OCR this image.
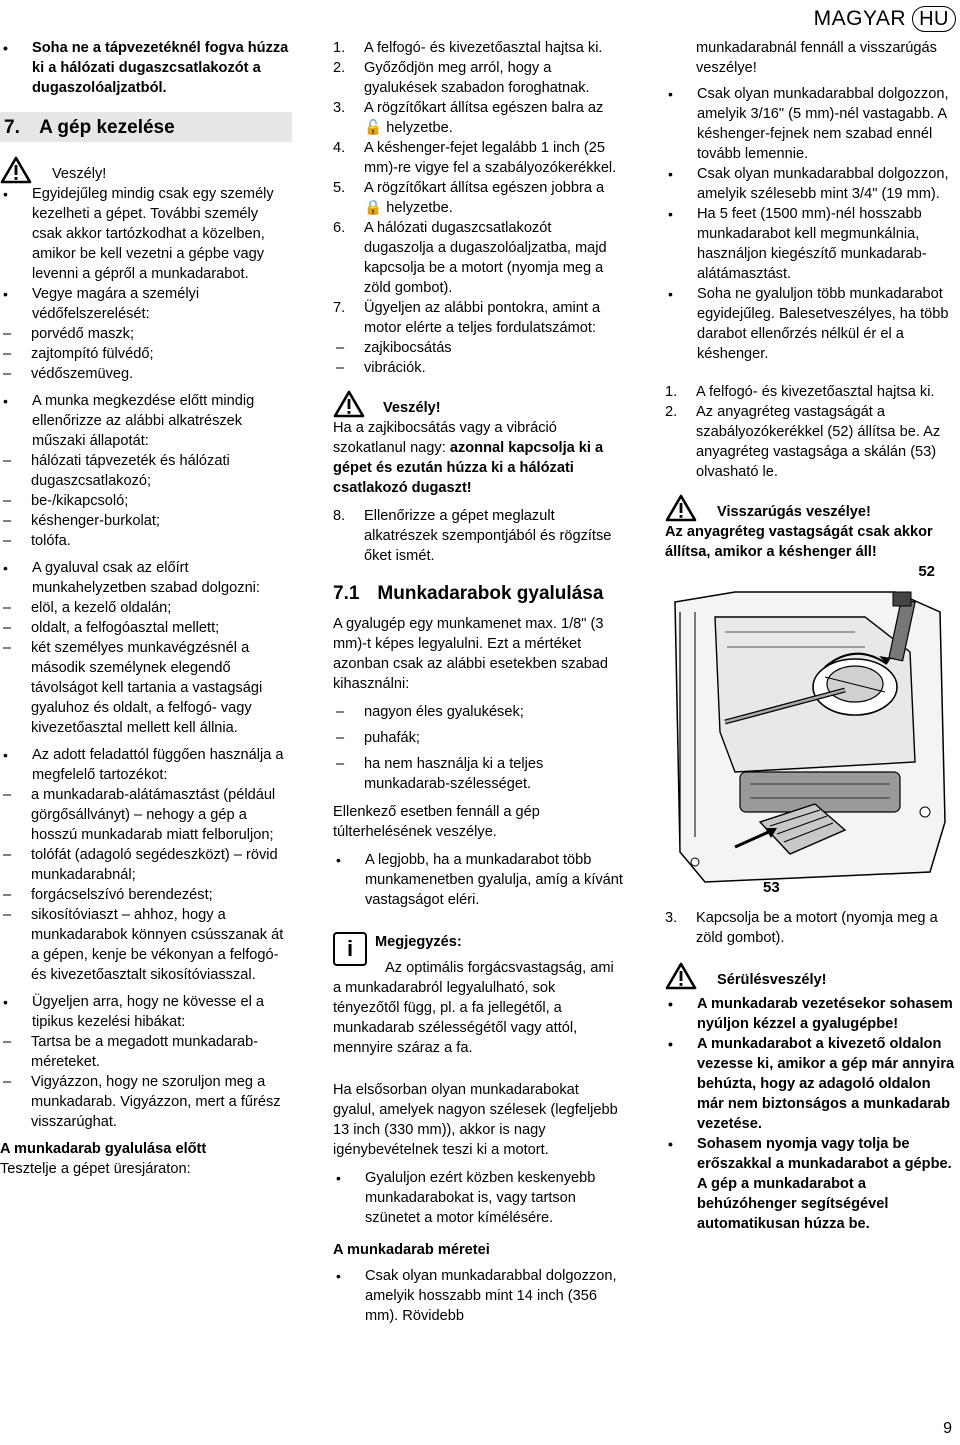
MAGYAR HU

• Soha ne a tápvezetéknél fogva húzza ki a hálózati dugaszcsatlakozót a dugaszolóaljzatból.

7. A gép kezelése
Veszély!

• Egyidejűleg mindig csak egy személy kezelheti a gépet. További személy csak akkor tartózkodhat a közelben, amikor be kell vezetni a gépbe vagy levenni a gépről a munkadarabot.

• Vegye magára a személyi védőfelszerelését:

– porvédő maszk;

– zajtompító fülvédő;

– védőszemüveg.

• A munka megkezdése előtt mindig ellenőrizze az alábbi alkatrészek műszaki állapotát:

– hálózati tápvezeték és hálózati dugaszcsatlakozó;

– be-/kikapcsoló;

– késhenger-burkolat;

– tolófa.

• A gyaluval csak az előírt munkahelyzetben szabad dolgozni:

– elöl, a kezelő oldalán;

– oldalt, a felfogóasztal mellett;

– két személyes munkavégzésnél a második személynek elegendő távolságot kell tartania a vastagsági gyaluhoz és oldalt, a felfogó- vagy kivezetőasztal mellett kell állnia.

• Az adott feladattól függően használja a megfelelő tartozékot:

– a munkadarab-alátámasztást (például görgősállványt) – nehogy a gép a hosszú munkadarab miatt felboruljon;

– tolófát (adagoló segédeszközt) – rövid munkadarabnál;

– forgácselszívó berendezést;

– sikosítóviaszt – ahhoz, hogy a munkadarabok könnyen csússzanak át a gépen, kenje be vékonyan a felfogó- és kivezetőasztalt sikosítóviasszal.

• Ügyeljen arra, hogy ne kövesse el a tipikus kezelési hibákat:

– Tartsa be a megadott munkadarab-méreteket.

– Vigyázzon, hogy ne szoruljon meg a munkadarab. Vigyázzon, mert a fűrész visszarúghat.

A munkadarab gyalulása előtt

Tesztelje a gépet üresjáraton:

1. A felfogó- és kivezetőasztal hajtsa ki.

2. Győződjön meg arról, hogy a gyalukések szabadon foroghatnak.

3. A rögzítőkart állítsa egészen balra az 🔓 helyzetbe.

4. A késhenger-fejet legalább 1 inch (25 mm)-re vigye fel a szabályozókerékkel.

5. A rögzítőkart állítsa egészen jobbra a 🔒 helyzetbe.

6. A hálózati dugaszcsatlakozót dugaszolja a dugaszolóaljzatba, majd kapcsolja be a motort (nyomja meg a zöld gombot).

7. Ügyeljen az alábbi pontokra, amint a motor elérte a teljes fordulatszámot:

– zajkibocsátás

– vibrációk.

Veszély!

Ha a zajkibocsátás vagy a vibráció szokatlanul nagy: azonnal kapcsolja ki a gépet és ezután húzza ki a hálózati csatlakozó dugaszt!

8. Ellenőrizze a gépet meglazult alkatrészek szempontjából és rögzítse őket ismét.

7.1 Munkadarabok gyalulása

A gyalugép egy munkamenet max. 1/8" (3 mm)-t képes legyalulni. Ezt a mértéket azonban csak az alábbi esetekben szabad kihasználni:

– nagyon éles gyalukések;

– puhafák;

– ha nem használja ki a teljes munkadarab-szélességet.

Ellenkező esetben fennáll a gép túlterhelésének veszélye.

• A legjobb, ha a munkadarabot több munkamenetben gyalulja, amíg a kívánt vastagságot eléri.

i	Megjegyzés:

Az optimális forgácsvastagság, ami a munkadarabról legyalulható, sok tényezőtől függ, pl. a fa jellegétől, a munkadarab szélességétől vagy attól, mennyire száraz a fa.

Ha elsősorban olyan munkadarabokat gyalul, amelyek nagyon szélesek (legfeljebb 13 inch (330 mm)), akkor is nagy igénybevételnek teszi ki a motort.

• Gyaluljon ezért közben keskenyebb munkadarabokat is, vagy tartson szünetet a motor kímélésére.

A munkadarab méretei

• Csak olyan munkadarabbal dolgozzon, amelyik hosszabb mint 14 inch (356 mm). Rövidebb

munkadarabnál fennáll a visszarúgás veszélye!

• Csak olyan munkadarabbal dolgozzon, amelyik 3/16" (5 mm)-nél vastagabb. A késhenger-fejnek nem szabad ennél tovább lemennie.

• Csak olyan munkadarabbal dolgozzon, amelyik szélesebb mint 3/4" (19 mm).

• Ha 5 feet (1500 mm)-nél hosszabb munkadarabot kell megmunkálnia, használjon kiegészítő munkadarab-alátámasztást.

• Soha ne gyaluljon több munkadarabot egyidejűleg. Balesetveszélyes, ha több darabot ellenőrzés nélkül ér el a késhenger.

1. A felfogó- és kivezetőasztal hajtsa ki.

2. Az anyagréteg vastagságát a szabályozókerékkel (52) állítsa be. Az anyagréteg vastagsága a skálán (53) olvasható le.

Visszarúgás veszélye!

Az anyagréteg vastagságát csak akkor állítsa, amikor a késhenger áll!

52
53

3. Kapcsolja be a motort (nyomja meg a zöld gombot).

Sérülésveszély!

• A munkadarab vezetésekor sohasem nyúljon kézzel a gyalugépbe!

• A munkadarabot a kivezető oldalon vezesse ki, amikor a gép már annyira behúzta, hogy az adagoló oldalon már nem biztonságos a munkadarab vezetése.

• Sohasem nyomja vagy tolja be erőszakkal a munkadarabot a gépbe. A gép a munkadarabot a behúzóhenger segítségével automatikusan húzza be.

9
